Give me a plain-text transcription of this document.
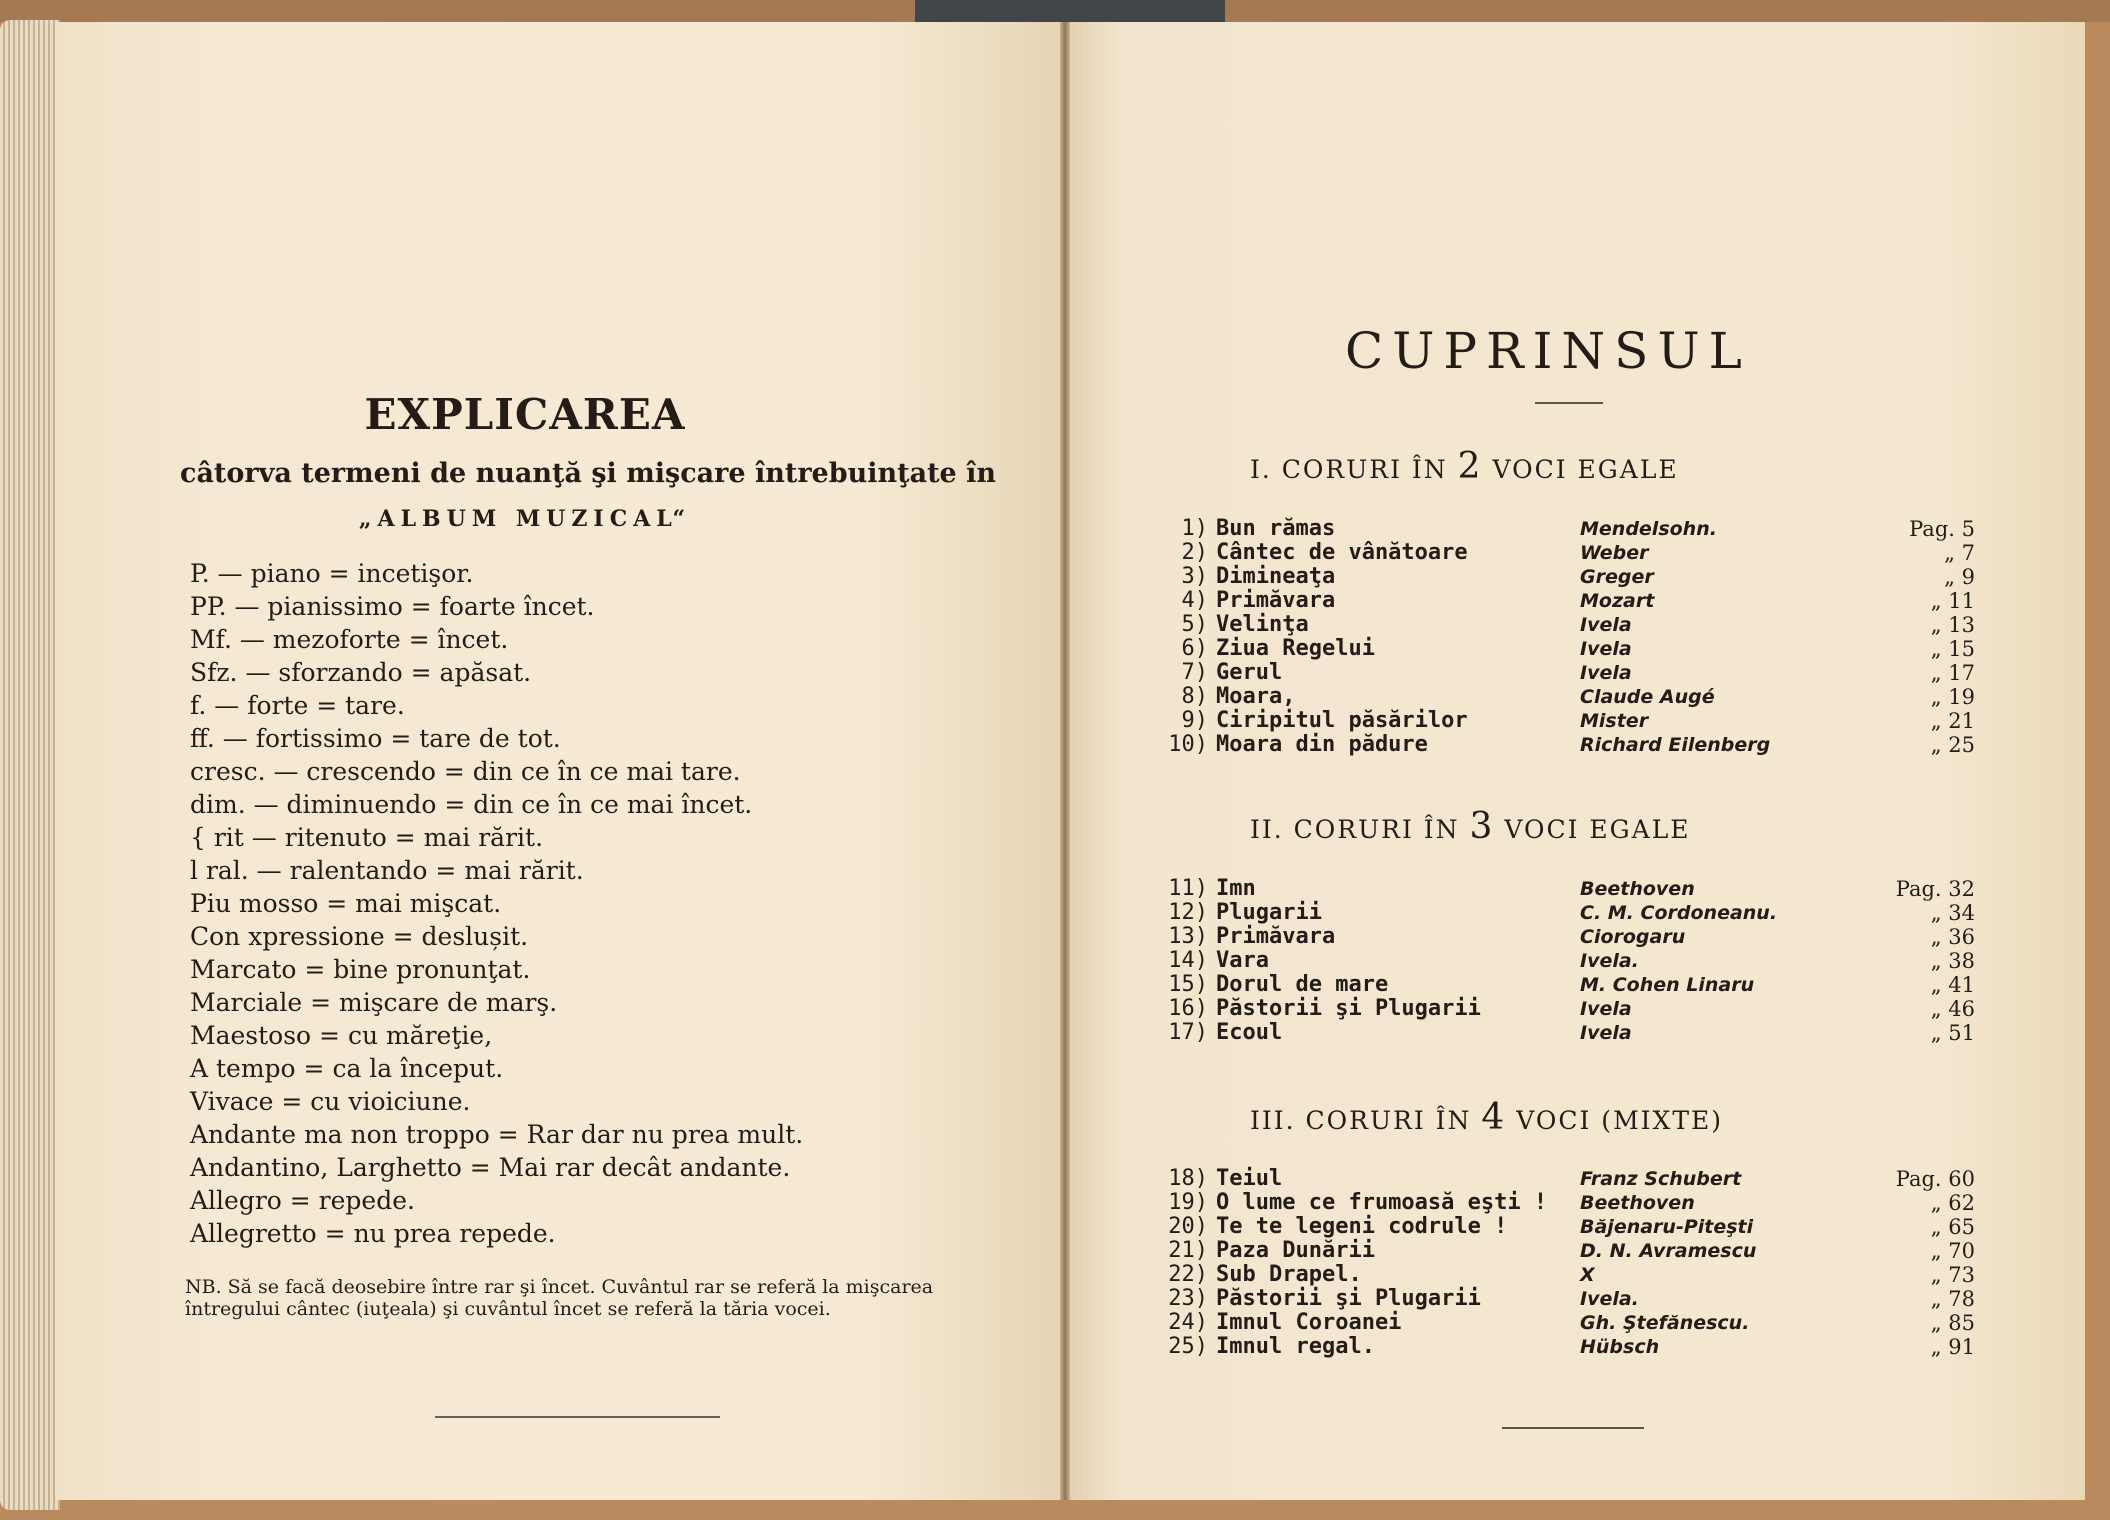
EXPLICAREA
câtorva termeni de nuanţă şi mişcare întrebuinţate în
„ALBUM MUZICAL“
P. — piano = incetişor.
PP. — pianissimo = foarte încet.
Mf. — mezoforte = încet.
Sfz. — sforzando = apăsat.
f. — forte = tare.
ff. — fortissimo = tare de tot.
cresc. — crescendo = din ce în ce mai tare.
dim. — diminuendo = din ce în ce mai încet.
{ rit — ritenuto = mai rărit.
l ral. — ralentando = mai rărit.
Piu mosso = mai mişcat.
Con xpressione = deslușit.
Marcato = bine pronunţat.
Marciale = mişcare de marş.
Maestoso = cu măreţie,
A tempo = ca la început.
Vivace = cu vioiciune.
Andante ma non troppo = Rar dar nu prea mult.
Andantino, Larghetto = Mai rar decât andante.
Allegro = repede.
Allegretto = nu prea repede.
NB. Să se facă deosebire între rar şi încet. Cuvântul rar se referă la mişcarea întregului cântec (iuţeala) şi cuvântul încet se referă la tăria vocei.
CUPRINSUL
I. CORURI ÎN 2 VOCI EGALE
1) Bun rămas	Mendelsohn.	Pag. 5
2) Cântec de vânătoare	Weber	„ 7
3) Dimineaţa	Greger	„ 9
4) Primăvara	Mozart	„ 11
5) Velinţa	Ivela	„ 13
6) Ziua Regelui	Ivela	„ 15
7) Gerul	Ivela	„ 17
8) Moara,	Claude Augé	„ 19
9) Ciripitul păsărilor	Mister	„ 21
10) Moara din pădure	Richard Eilenberg	„ 25
II. CORURI ÎN 3 VOCI EGALE
11) Imn	Beethoven	Pag. 32
12) Plugarii	C. M. Cordoneanu.	„ 34
13) Primăvara	Ciorogaru	„ 36
14) Vara	Ivela.	„ 38
15) Dorul de mare	M. Cohen Linaru	„ 41
16) Păstorii şi Plugarii	Ivela	„ 46
17) Ecoul	Ivela	„ 51
III. CORURI ÎN 4 VOCI (MIXTE)
18) Teiul	Franz Schubert	Pag. 60
19) O lume ce frumoasă eşti ! Beethoven	„ 62
20) Te te legeni codrule !	Băjenaru-Piteşti	„ 65
21) Paza Dunării	D. N. Avramescu	„ 70
22) Sub Drapel.	X	„ 73
23) Păstorii şi Plugarii	Ivela.	„ 78
24) Imnul Coroanei	Gh. Ştefănescu.	„ 85
25) Imnul regal.	Hübsch	„ 91
